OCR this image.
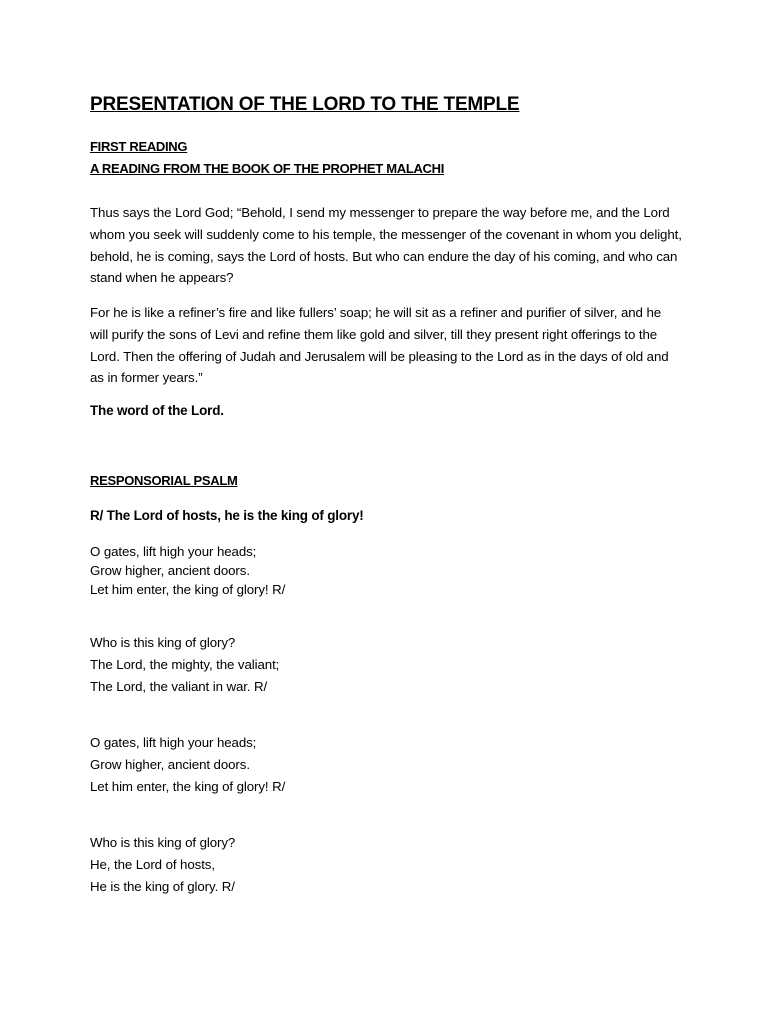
PRESENTATION OF THE LORD TO THE TEMPLE

FIRST READING

A READING FROM THE BOOK OF THE PROPHET MALACHI

Thus says the Lord God; “Behold, I send my messenger to prepare the way before me, and the Lord whom you seek will suddenly come to his temple, the messenger of the covenant in whom you delight, behold, he is coming, says the Lord of hosts. But who can endure the day of his coming, and who can stand when he appears?

For he is like a refiner’s fire and like fullers’ soap; he will sit as a refiner and purifier of silver, and he will purify the sons of Levi and refine them like gold and silver, till they present right offerings to the Lord. Then the offering of Judah and Jerusalem will be pleasing to the Lord as in the days of old and as in former years.”

The word of the Lord.

RESPONSORIAL PSALM

R/ The Lord of hosts, he is the king of glory!

O gates, lift high your heads;
Grow higher, ancient doors.
Let him enter, the king of glory! R/
Who is this king of glory?
The Lord, the mighty, the valiant;
The Lord, the valiant in war. R/
O gates, lift high your heads;
Grow higher, ancient doors.
Let him enter, the king of glory! R/
Who is this king of glory?
He, the Lord of hosts,
He is the king of glory. R/
